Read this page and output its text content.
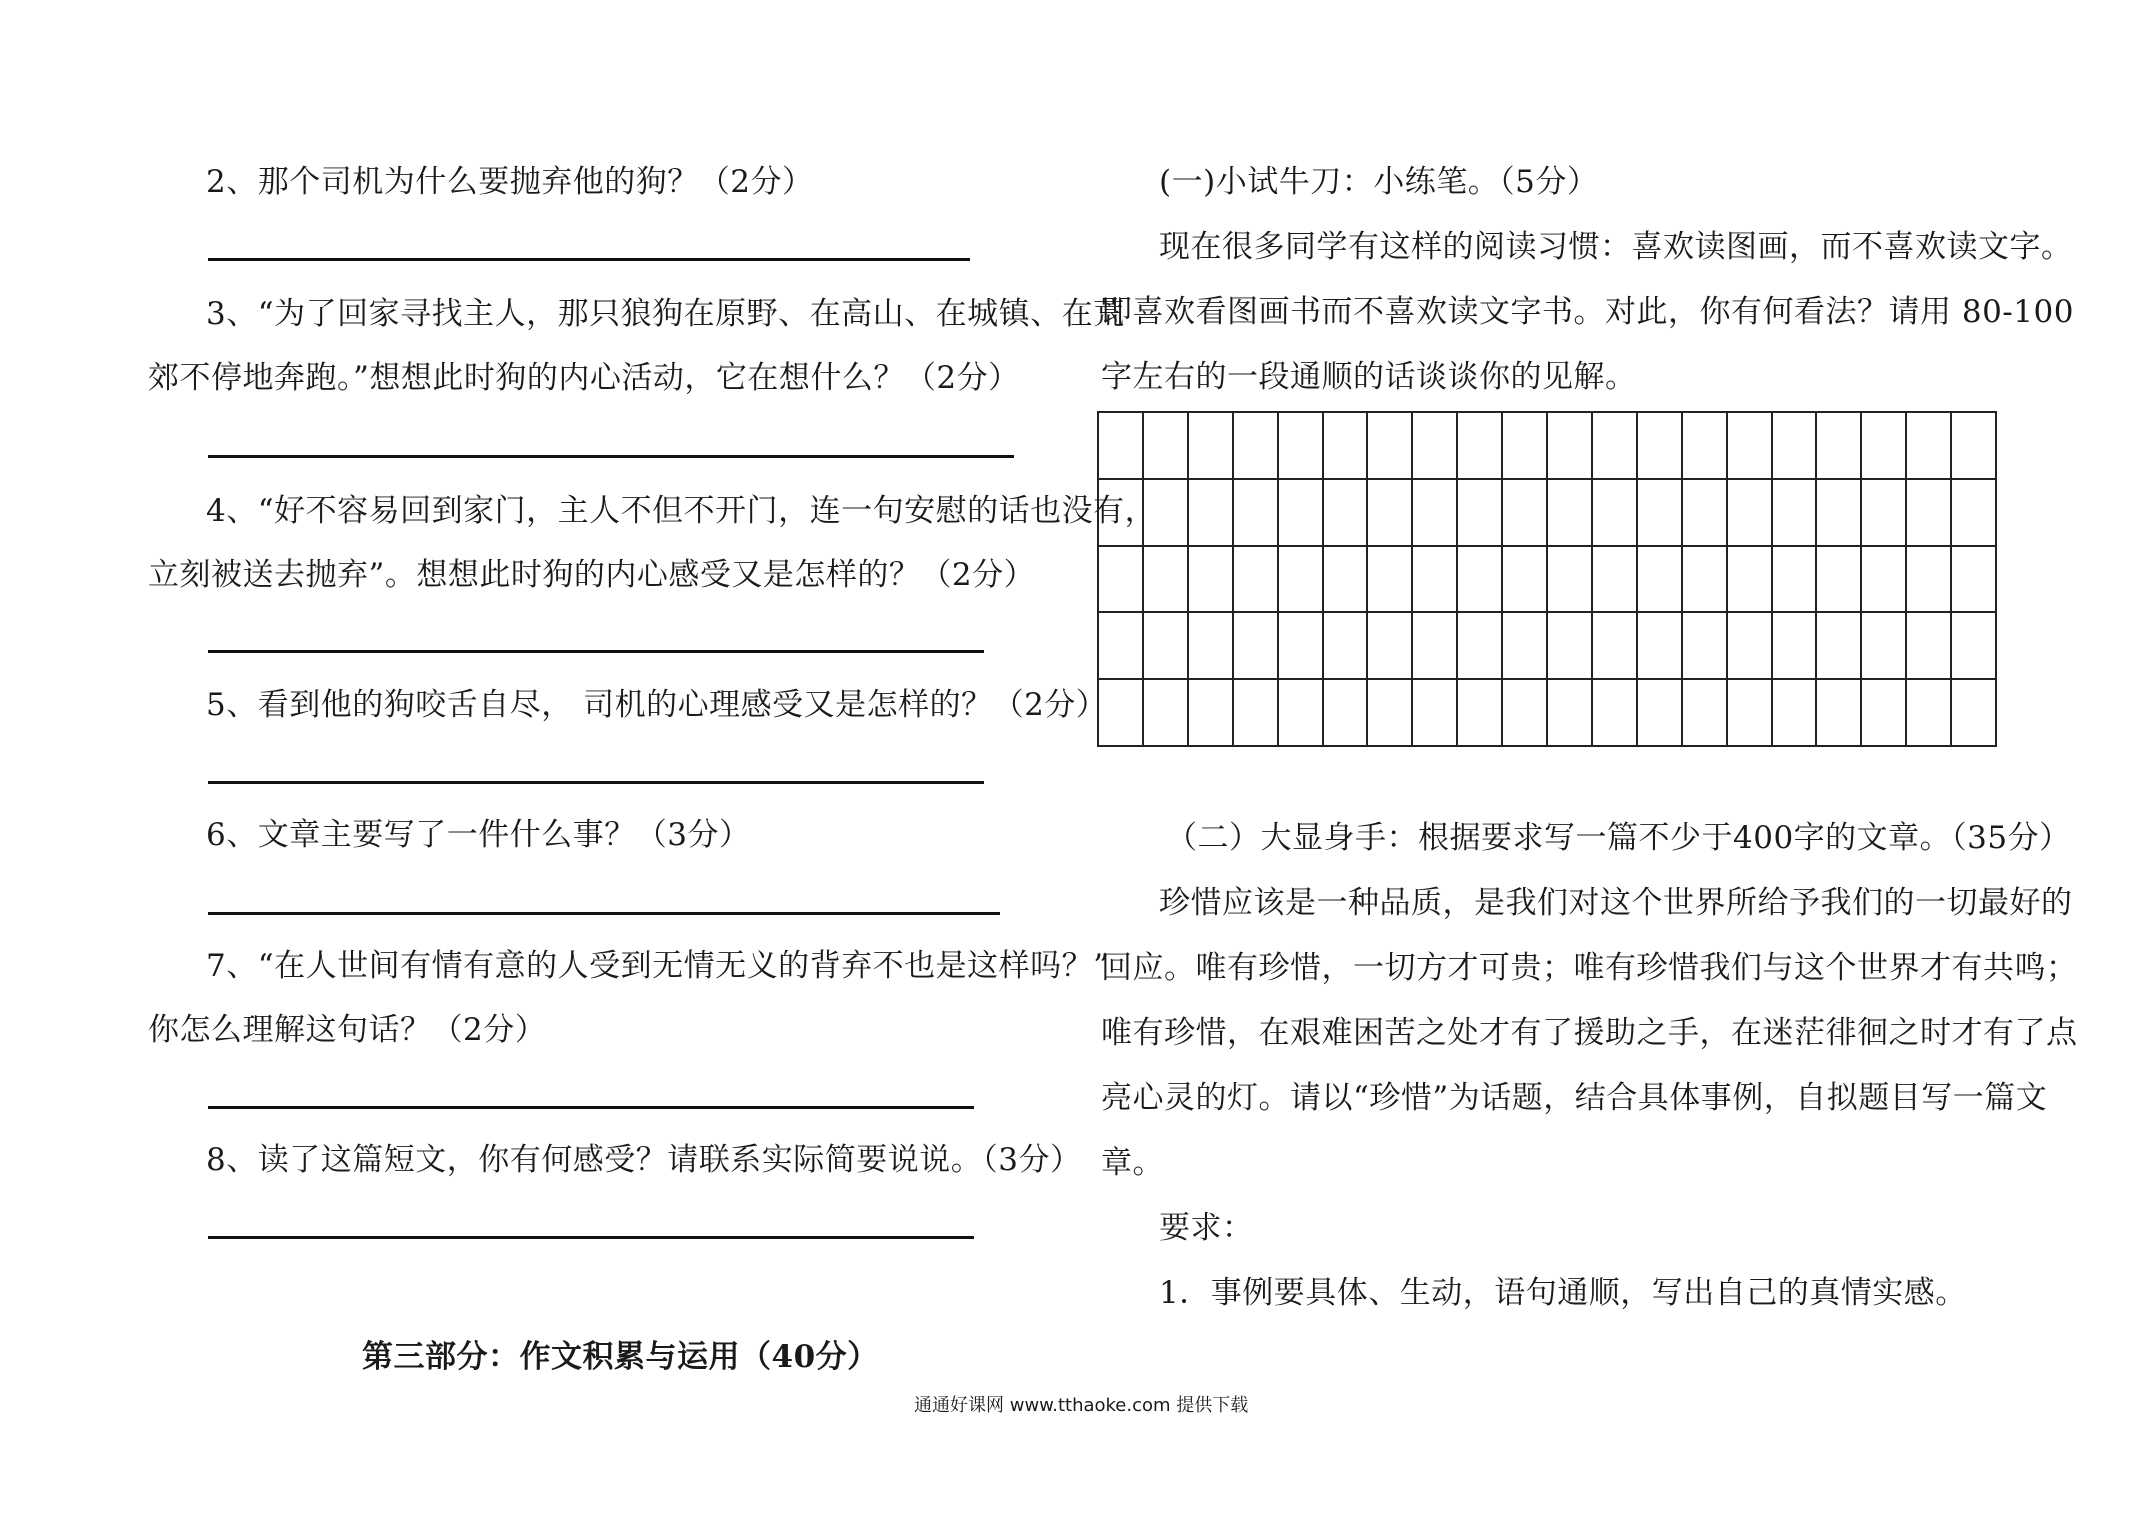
2、那个司机为什么要抛弃他的狗？（2分）
3、“为了回家寻找主人，那只狼狗在原野、在高山、在城镇、在荒
郊不停地奔跑。”想想此时狗的内心活动，它在想什么？（2分）
4、“好不容易回到家门，主人不但不开门，连一句安慰的话也没有，
立刻被送去抛弃”。想想此时狗的内心感受又是怎样的？（2分）
5、看到他的狗咬舌自尽， 司机的心理感受又是怎样的？（2分）
6、文章主要写了一件什么事？（3分）
7、“在人世间有情有意的人受到无情无义的背弃不也是这样吗？”
你怎么理解这句话？（2分）
8、读了这篇短文，你有何感受？请联系实际简要说说。（3分）
第三部分：作文积累与运用（40分）
(一)小试牛刀：小练笔。（5分）
现在很多同学有这样的阅读习惯：喜欢读图画，而不喜欢读文字。
即喜欢看图画书而不喜欢读文字书。对此，你有何看法？请用 80-100
字左右的一段通顺的话谈谈你的见解。
（二）大显身手：根据要求写一篇不少于400字的文章。（35分）
珍惜应该是一种品质，是我们对这个世界所给予我们的一切最好的
回应。唯有珍惜，一切方才可贵；唯有珍惜我们与这个世界才有共鸣；
唯有珍惜，在艰难困苦之处才有了援助之手，在迷茫徘徊之时才有了点
亮心灵的灯。请以“珍惜”为话题，结合具体事例，自拟题目写一篇文
章。
要求：
1．事例要具体、生动，语句通顺，写出自己的真情实感。
通通好课网 www.tthaoke.com 提供下载
